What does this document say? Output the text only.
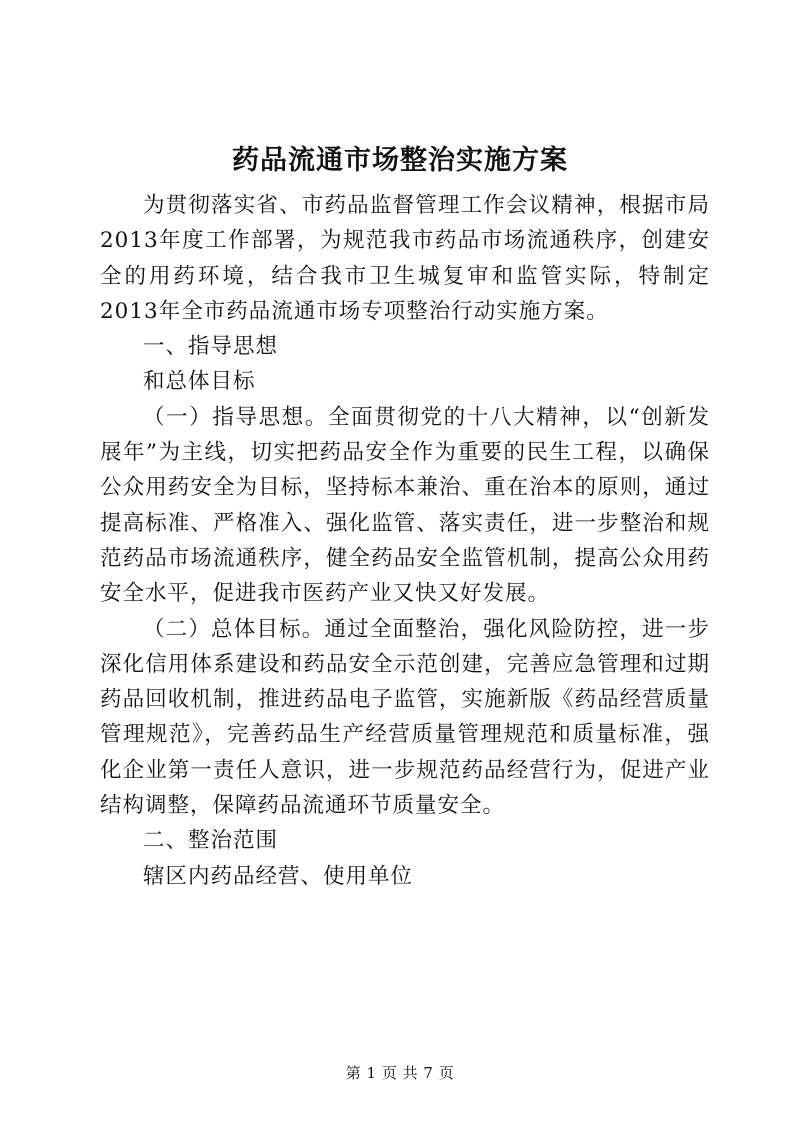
药品流通市场整治实施方案

为贯彻落实省、市药品监督管理工作会议精神，根据市局2013年度工作部署，为规范我市药品市场流通秩序，创建安全的用药环境，结合我市卫生城复审和监管实际，特制定2013年全市药品流通市场专项整治行动实施方案。

一、指导思想

和总体目标

（一）指导思想。全面贯彻党的十八大精神，以“创新发展年”为主线，切实把药品安全作为重要的民生工程，以确保公众用药安全为目标，坚持标本兼治、重在治本的原则，通过提高标准、严格准入、强化监管、落实责任，进一步整治和规范药品市场流通秩序，健全药品安全监管机制，提高公众用药安全水平，促进我市医药产业又快又好发展。

（二）总体目标。通过全面整治，强化风险防控，进一步深化信用体系建设和药品安全示范创建，完善应急管理和过期药品回收机制，推进药品电子监管，实施新版《药品经营质量管理规范》，完善药品生产经营质量管理规范和质量标准，强化企业第一责任人意识，进一步规范药品经营行为，促进产业结构调整，保障药品流通环节质量安全。

二、整治范围

辖区内药品经营、使用单位

第 1 页 共 7 页
